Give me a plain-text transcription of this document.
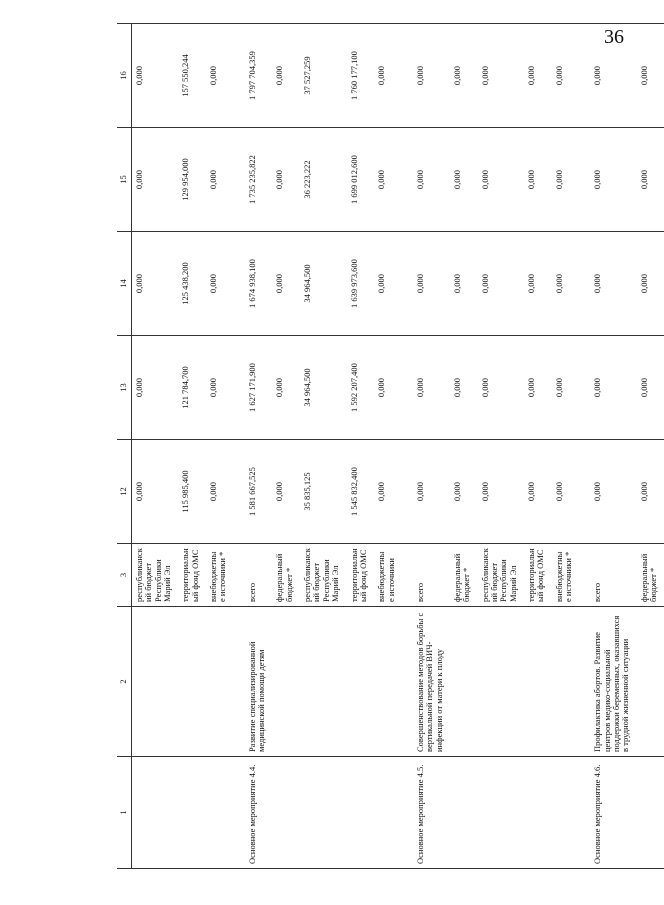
36
1	2	3	12	13	14	15	16
		республиканский бюджет Республики Марий Эл	0,000	0,000	0,000	0,000	0,000
		территориальный фонд ОМС	115 985,400	121 784,700	125 438,200	129 954,000	157 550,244
		внебюджетные источники *	0,000	0,000	0,000	0,000	0,000
Основное мероприятие 4.4.	Развитие специализированной медицинской помощи детям	всего	1 581 667,525	1 627 171,900	1 674 938,100	1 735 235,822	1 797 704,359
		федеральный бюджет *	0,000	0,000	0,000	0,000	0,000
		республиканский бюджет Республики Марий Эл	35 835,125	34 964,500	34 964,500	36 223,222	37 527,259
		территориальный фонд ОМС	1 545 832,400	1 592 207,400	1 639 973,600	1 699 012,600	1 760 177,100
		внебюджетные источники	0,000	0,000	0,000	0,000	0,000
Основное мероприятие 4.5.	Совершенствование методов борьбы с вертикальной передачей ВИЧ-инфекции от матери к плоду	всего	0,000	0,000	0,000	0,000	0,000
		федеральный бюджет *	0,000	0,000	0,000	0,000	0,000
		республиканский бюджет Республики Марий Эл	0,000	0,000	0,000	0,000	0,000
		территориальный фонд ОМС	0,000	0,000	0,000	0,000	0,000
		внебюджетные источники *	0,000	0,000	0,000	0,000	0,000
Основное мероприятие 4.6.	Профилактика абортов. Развитие центров медико-социальной поддержки беременных, оказавшихся в трудной жизненной ситуации	всего	0,000	0,000	0,000	0,000	0,000
		федеральный бюджет *	0,000	0,000	0,000	0,000	0,000
